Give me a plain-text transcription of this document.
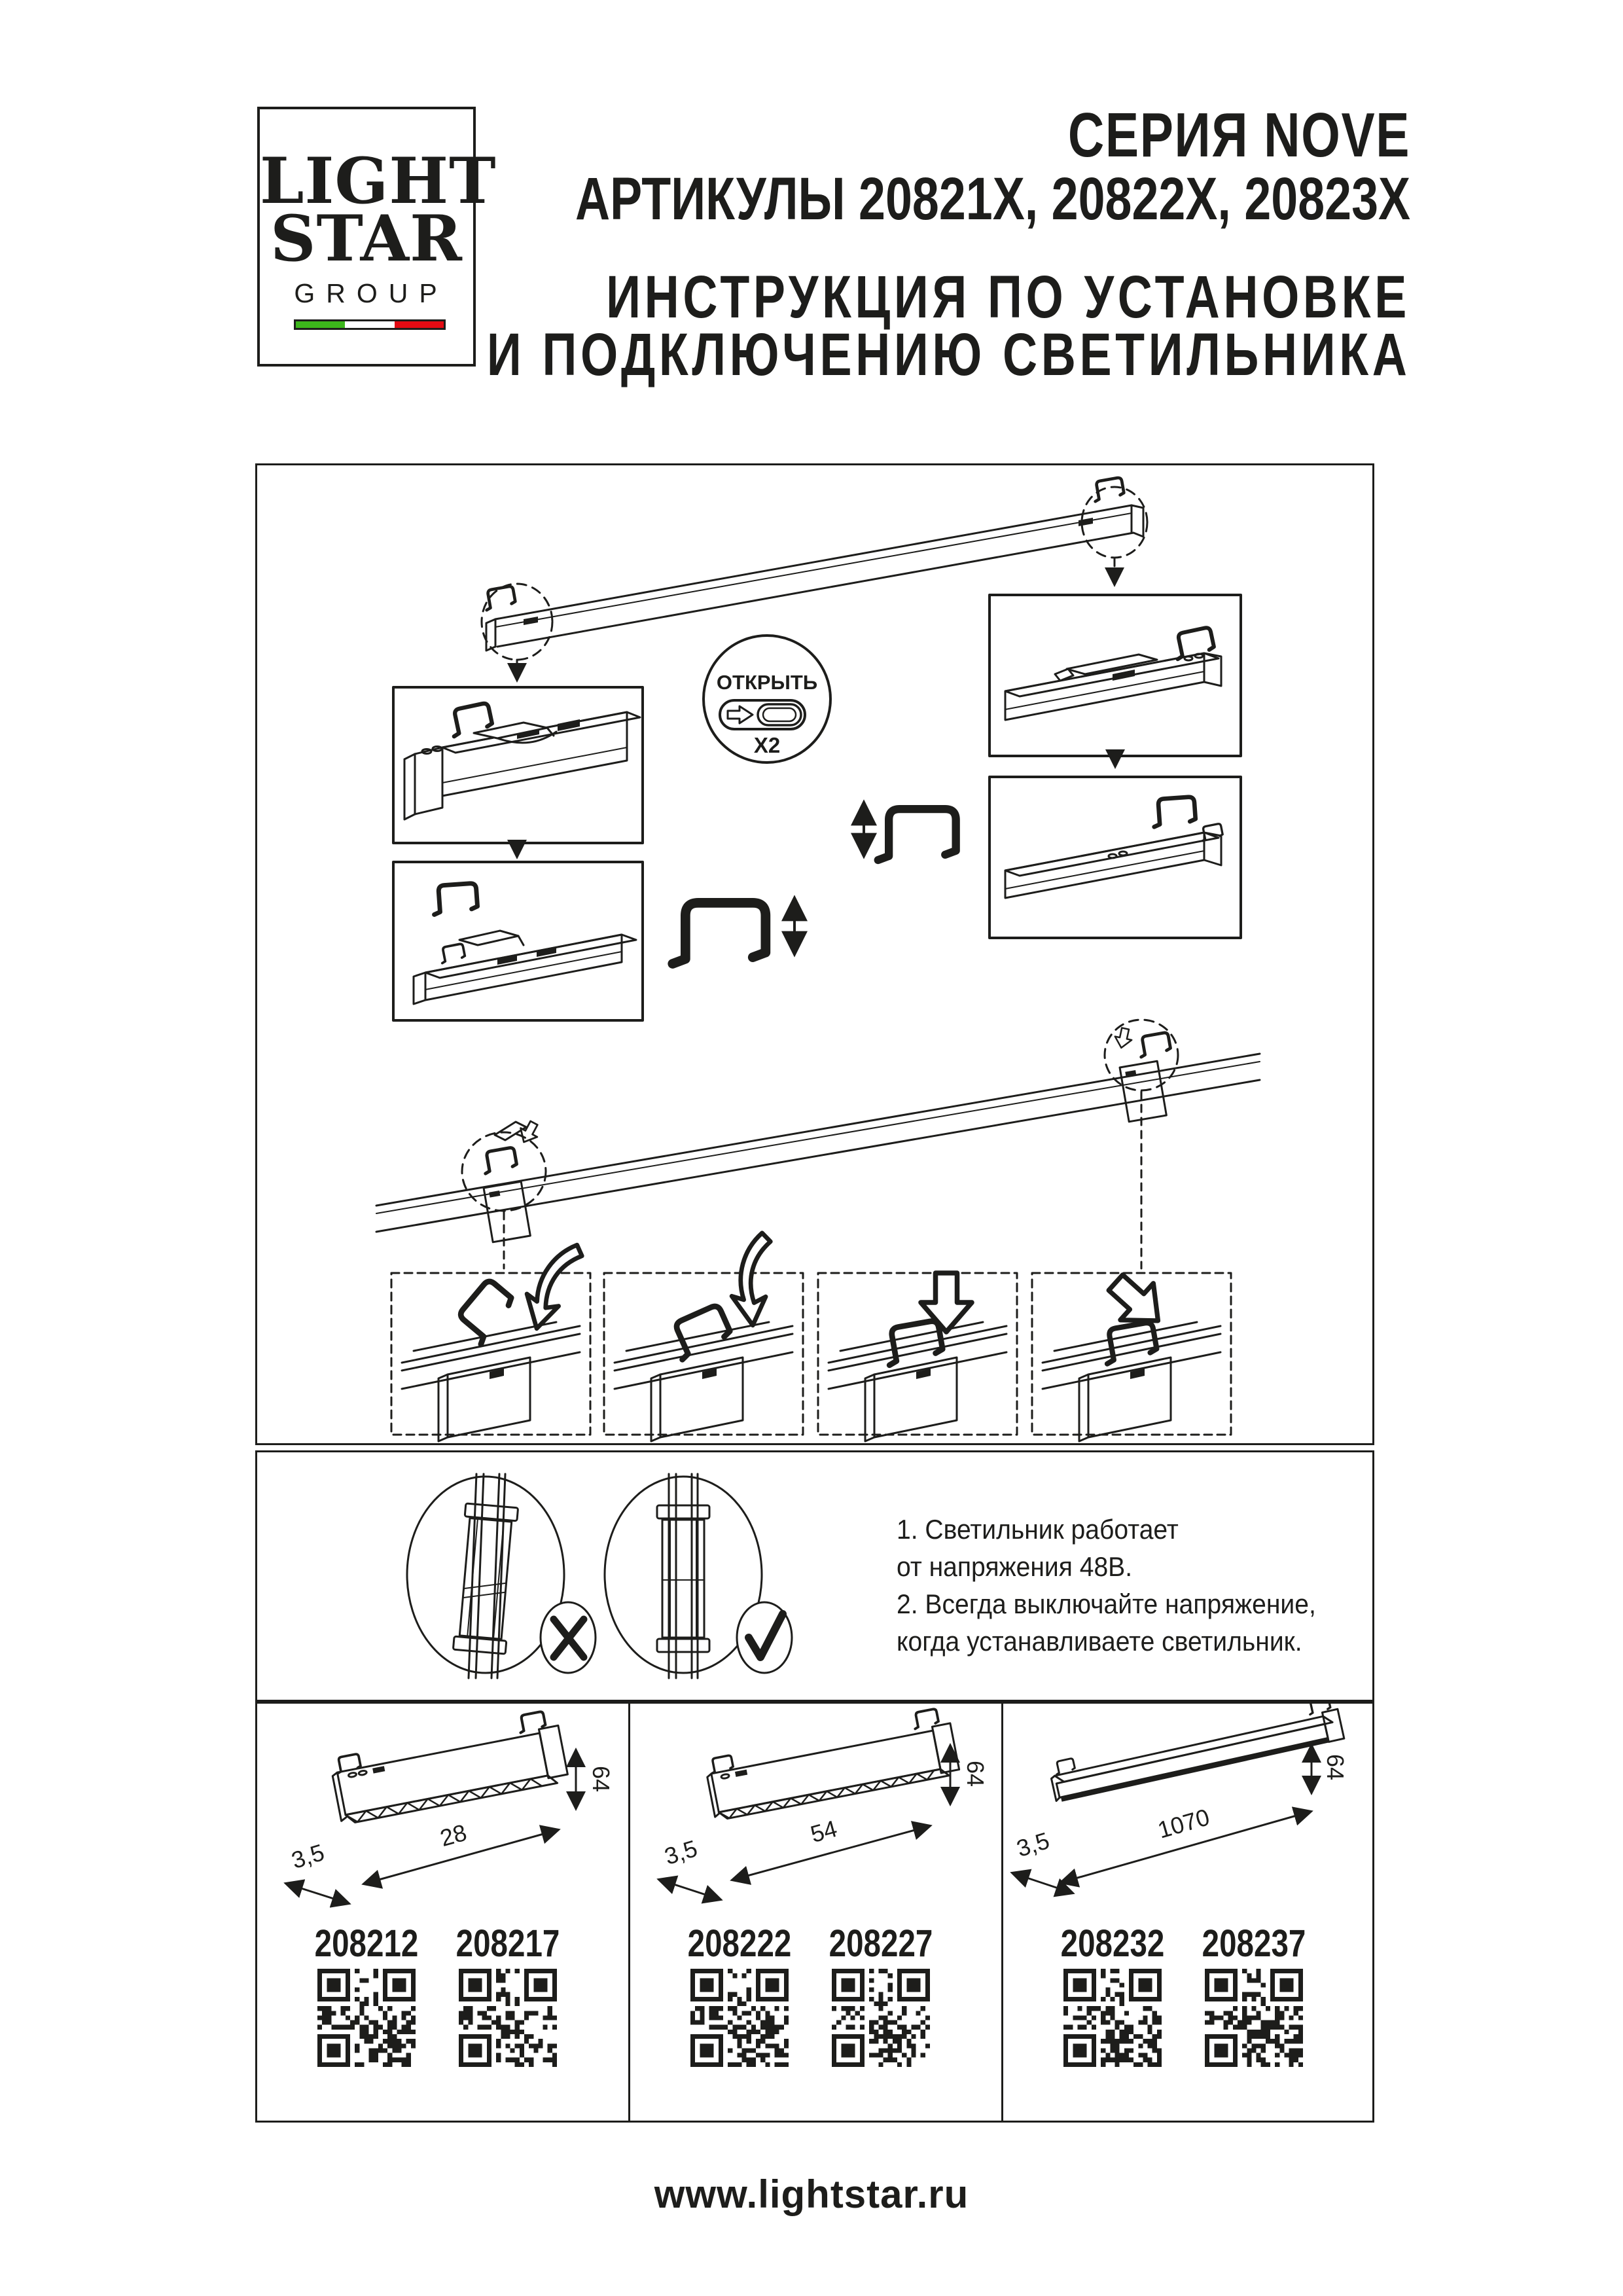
LIGHT
STAR
GROUP
СЕРИЯ NOVE
АРТИКУЛЫ 20821X, 20822X, 20823X
ИНСТРУКЦИЯ ПО УСТАНОВКЕ
И ПОДКЛЮЧЕНИЮ СВЕТИЛЬНИКА
ОТКРЫТЬ
X2
1. Светильник работает
от напряжения 48В.
2. Всегда выключайте напряжение,
когда устанавливаете светильник.
64
28
3,5
64
54
3,5
64
1070
3,5
208212 208217	208222 208227	208232 208237
www.lightstar.ru
